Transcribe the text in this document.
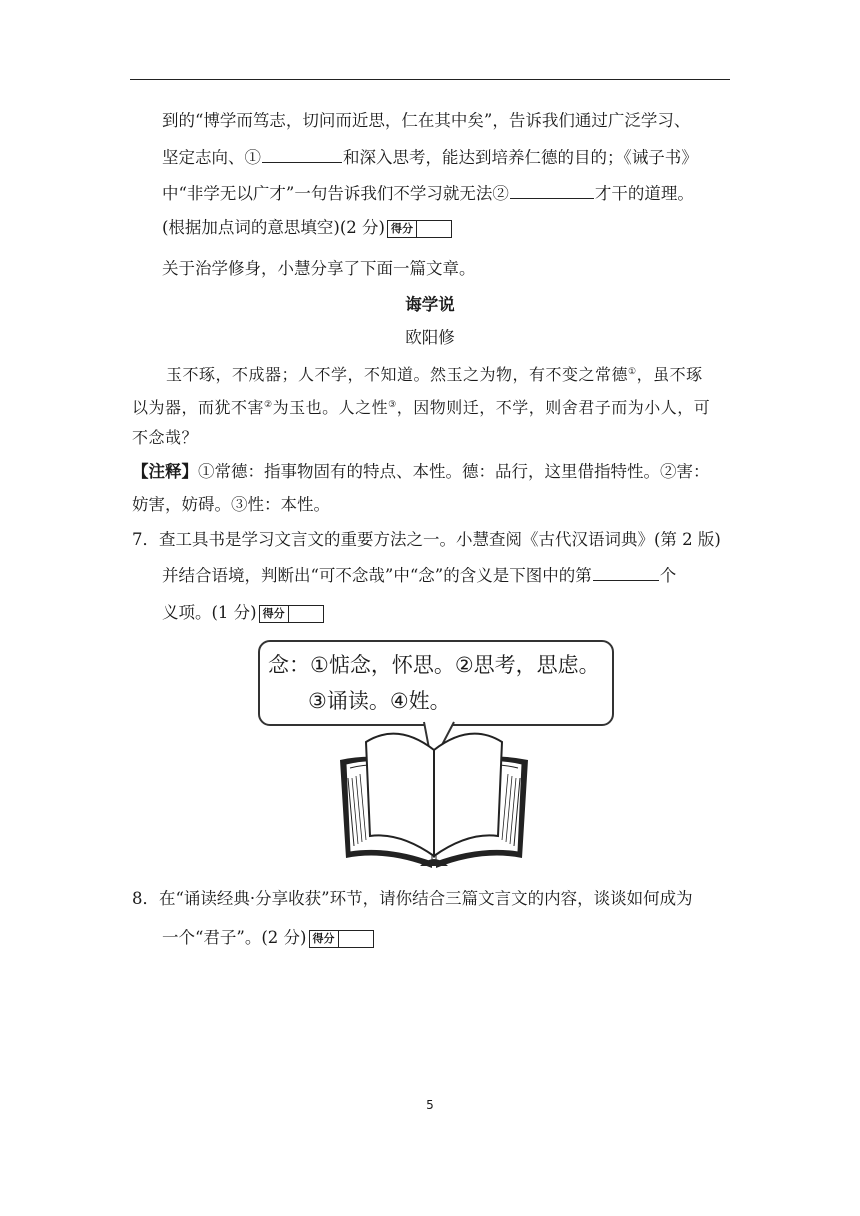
到的“博学而笃志，切问而近思，仁在其中矣”，告诉我们通过广泛学习、
坚定志向、①	和深入思考，能达到培养仁德的目的；《诫子书》
中“非学无以广才”一句告诉我们不学习就无法②	才干的道理。
(根据加点词的意思填空)(2 分) 得分
关于治学修身，小慧分享了下面一篇文章。
诲学说
欧阳修
玉不琢，不成器；人不学，不知道。然玉之为物，有不变之常德①，虽不琢
以为器，而犹不害②为玉也。人之性③，因物则迁，不学，则舍君子而为小人，可
不念哉？
【注释】①常德：指事物固有的特点、本性。德：品行，这里借指特性。②害：
妨害，妨碍。③性：本性。
7．查工具书是学习文言文的重要方法之一。小慧查阅《古代汉语词典》(第 2 版)
并结合语境，判断出“可不念哉”中“念”的含义是下图中的第	个
义项。(1 分) 得分
念：①惦念，怀思。②思考，思虑。
③诵读。④姓。
8．在“诵读经典·分享收获”环节，请你结合三篇文言文的内容，谈谈如何成为
一个“君子”。(2 分) 得分
5
